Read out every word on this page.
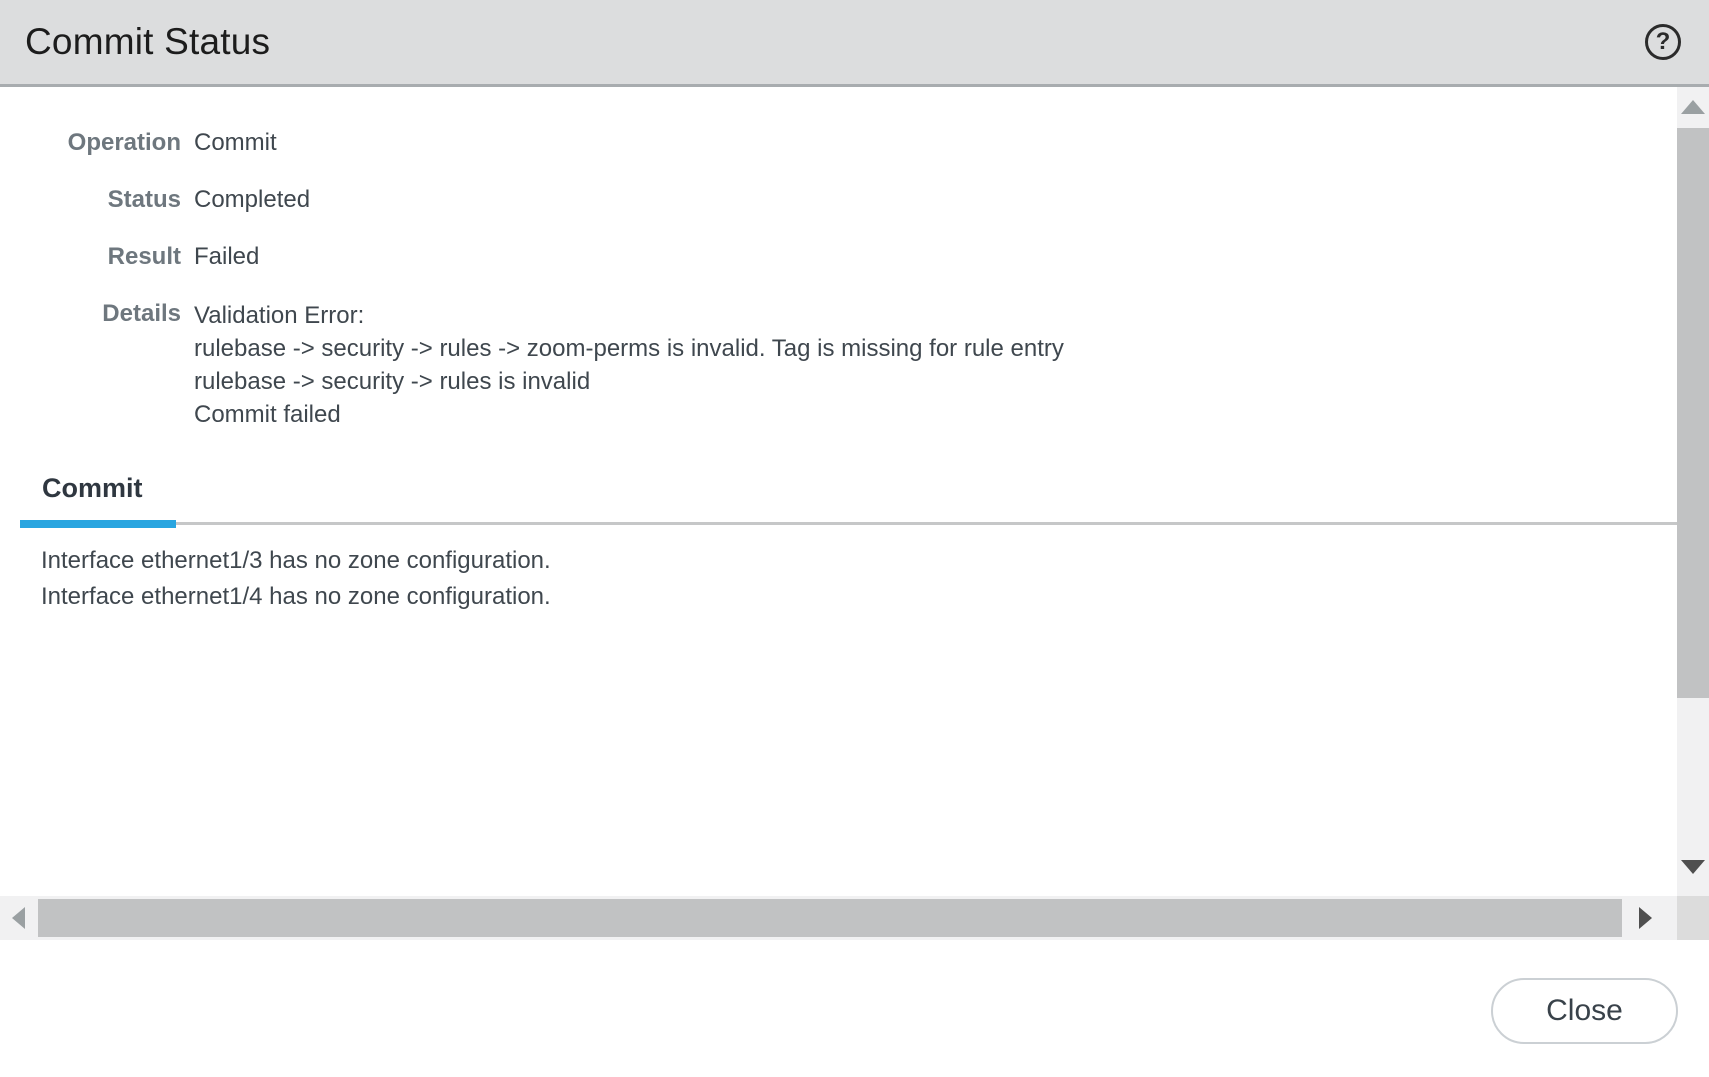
Commit Status	?
Operation Commit
Status Completed
Result Failed
Details Validation Error:
rulebase -> security -> rules -> zoom-perms is invalid. Tag is missing for rule entry
rulebase -> security -> rules is invalid
Commit failed
Commit
Interface ethernet1/3 has no zone configuration.
Interface ethernet1/4 has no zone configuration.
Close
